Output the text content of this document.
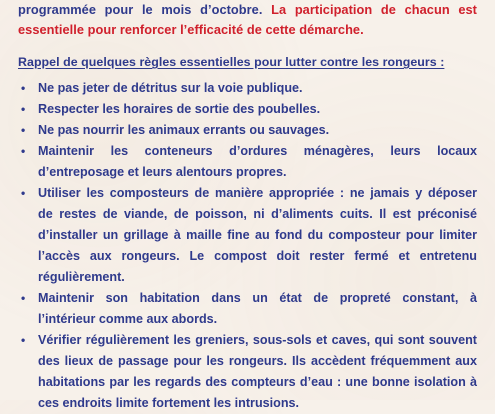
programmée pour le mois d’octobre. La participation de chacun est
essentielle pour renforcer l’efficacité de cette démarche.

Rappel de quelques règles essentielles pour lutter contre les rongeurs :
• Ne pas jeter de détritus sur la voie publique.
• Respecter les horaires de sortie des poubelles.
• Ne pas nourrir les animaux errants ou sauvages.
• Maintenir les conteneurs d’ordures ménagères, leurs locaux
d’entreposage et leurs alentours propres.
• Utiliser les composteurs de manière appropriée : ne jamais y déposer
de restes de viande, de poisson, ni d’aliments cuits. Il est préconisé
d’installer un grillage à maille fine au fond du composteur pour limiter
l’accès aux rongeurs. Le compost doit rester fermé et entretenu
régulièrement.
• Maintenir son habitation dans un état de propreté constant, à
l’intérieur comme aux abords.
• Vérifier régulièrement les greniers, sous-sols et caves, qui sont souvent
des lieux de passage pour les rongeurs. Ils accèdent fréquemment aux
habitations par les regards des compteurs d’eau : une bonne isolation à
ces endroits limite fortement les intrusions.
